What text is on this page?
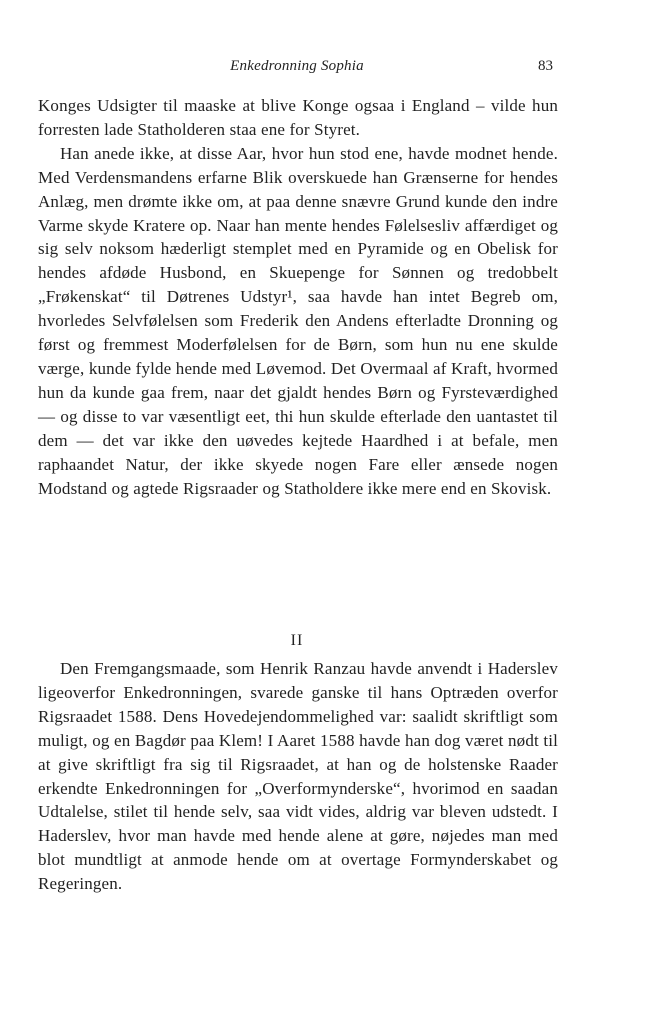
Enkedronning Sophia	83

Konges Udsigter til maaske at blive Konge ogsaa i England – vilde hun forresten lade Statholderen staa ene for Styret.

Han anede ikke, at disse Aar, hvor hun stod ene, havde modnet hende. Med Verdensmandens erfarne Blik overskuede han Grænserne for hendes Anlæg, men drømte ikke om, at paa denne snævre Grund kunde den indre Varme skyde Kratere op. Naar han mente hendes Følelsesliv affærdiget og sig selv noksom hæderligt stemplet med en Pyramide og en Obelisk for hendes afdøde Husbond, en Skuepenge for Sønnen og tredobbelt „Frøkenskat“ til Døtrenes Udstyr¹, saa havde han intet Begreb om, hvorledes Selvfølelsen som Frederik den Andens efterladte Dronning og først og fremmest Moderfølelsen for de Børn, som hun nu ene skulde værge, kunde fylde hende med Løvemod. Det Overmaal af Kraft, hvormed hun da kunde gaa frem, naar det gjaldt hendes Børn og Fyrsteværdighed — og disse to var væsentligt eet, thi hun skulde efterlade den uantastet til dem — det var ikke den uøvedes kejtede Haardhed i at befale, men raphaandet Natur, der ikke skyede nogen Fare eller ænsede nogen Modstand og agtede Rigsraader og Statholdere ikke mere end en Skovisk.

II

Den Fremgangsmaade, som Henrik Ranzau havde anvendt i Haderslev ligeoverfor Enkedronningen, svarede ganske til hans Optræden overfor Rigsraadet 1588. Dens Hovedejendommelighed var: saalidt skriftligt som muligt, og en Bagdør paa Klem! I Aaret 1588 havde han dog været nødt til at give skriftligt fra sig til Rigsraadet, at han og de holstenske Raader erkendte Enkedronningen for „Overformynderske“, hvorimod en saadan Udtalelse, stilet til hende selv, saa vidt vides, aldrig var bleven udstedt. I Haderslev, hvor man havde med hende alene at gøre, nøjedes man med blot mundtligt at anmode hende om at overtage Formynderskabet og Regeringen.
